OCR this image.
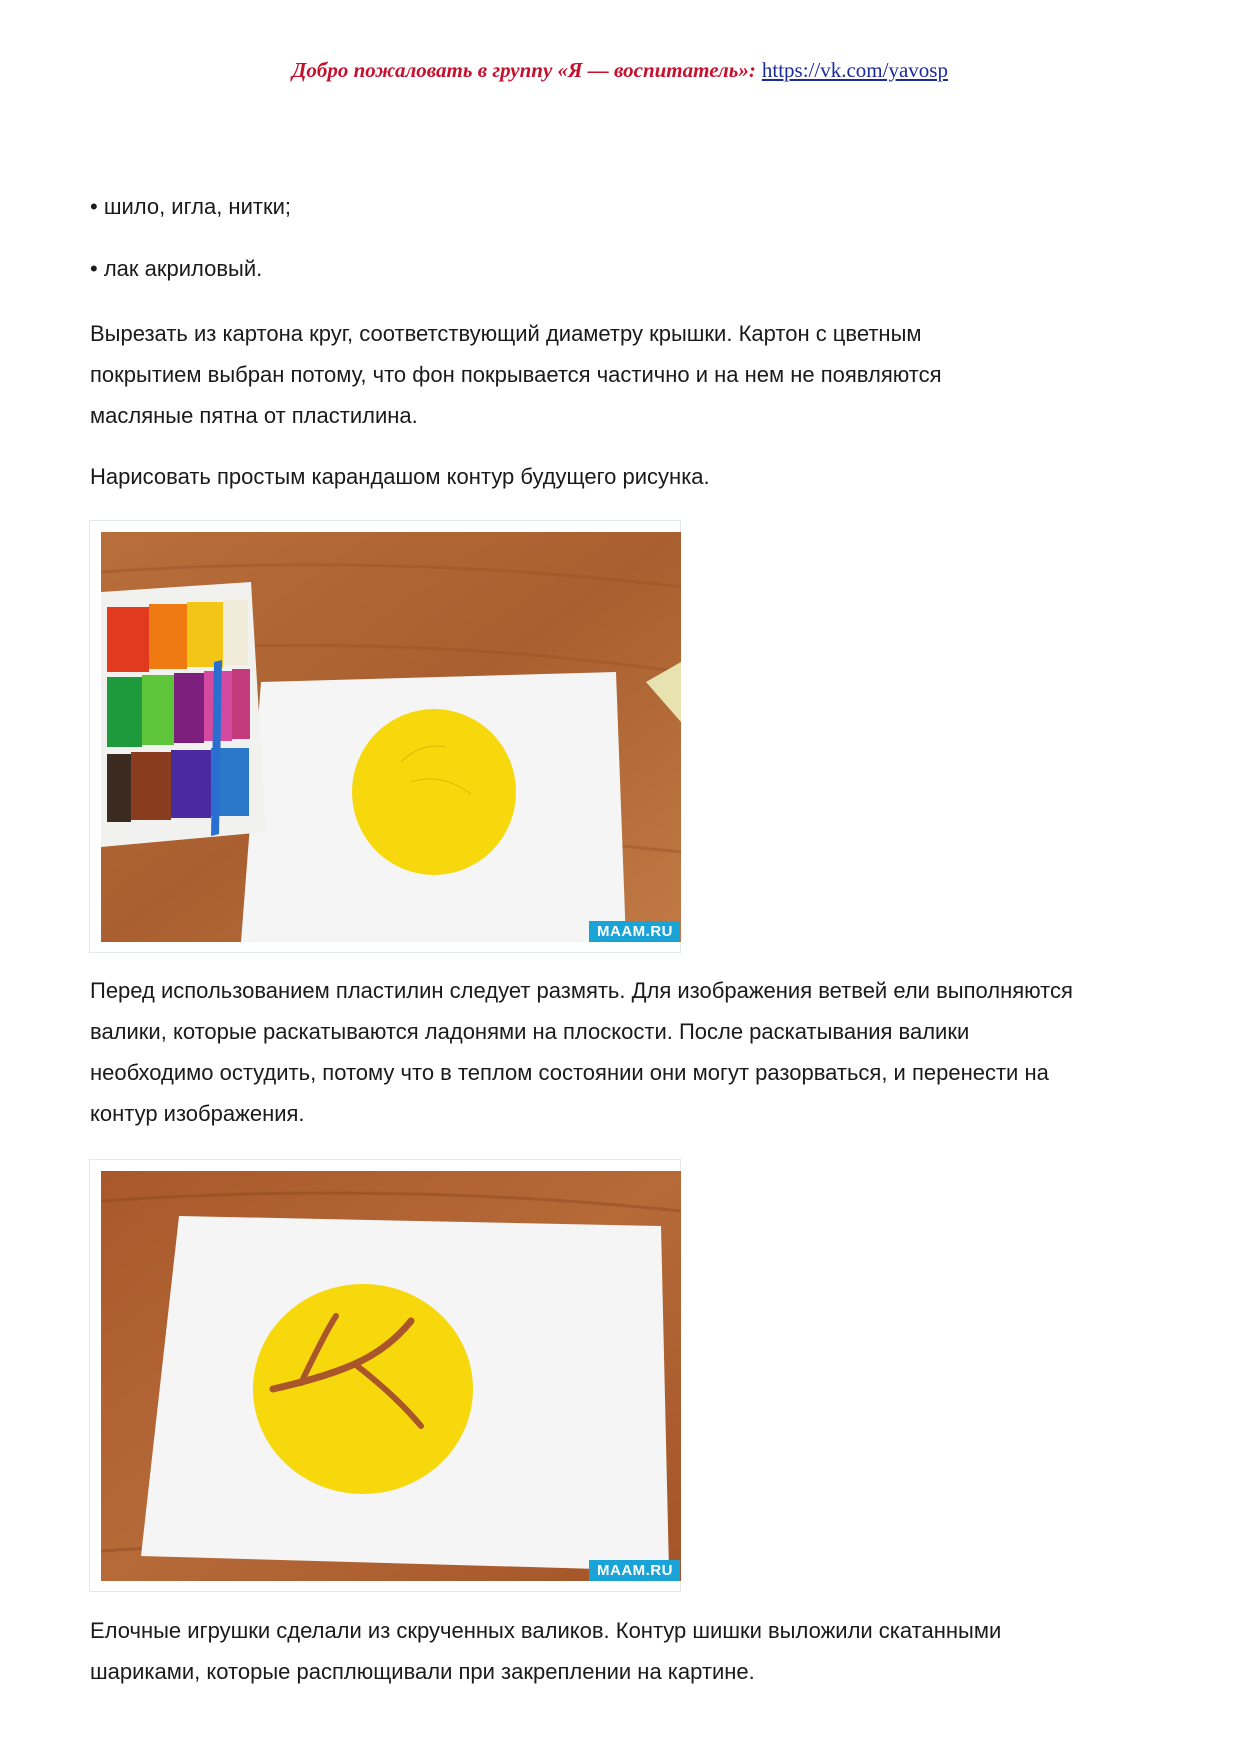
Добро пожаловать в группу «Я — воспитатель»: https://vk.com/yavosp

• шило, игла, нитки;

• лак акриловый.

Вырезать из картона круг, соответствующий диаметру крышки. Картон с цветным покрытием выбран потому, что фон покрывается частично и на нем не появляются масляные пятна от пластилина.

Нарисовать простым карандашом контур будущего рисунка.

MAAM.RU

Перед использованием пластилин следует размять. Для изображения ветвей ели выполняются валики, которые раскатываются ладонями на плоскости. После раскатывания валики необходимо остудить, потому что в теплом состоянии они могут разорваться, и перенести на контур изображения.

MAAM.RU

Елочные игрушки сделали из скрученных валиков. Контур шишки выложили скатанными шариками, которые расплющивали при закреплении на картине.
